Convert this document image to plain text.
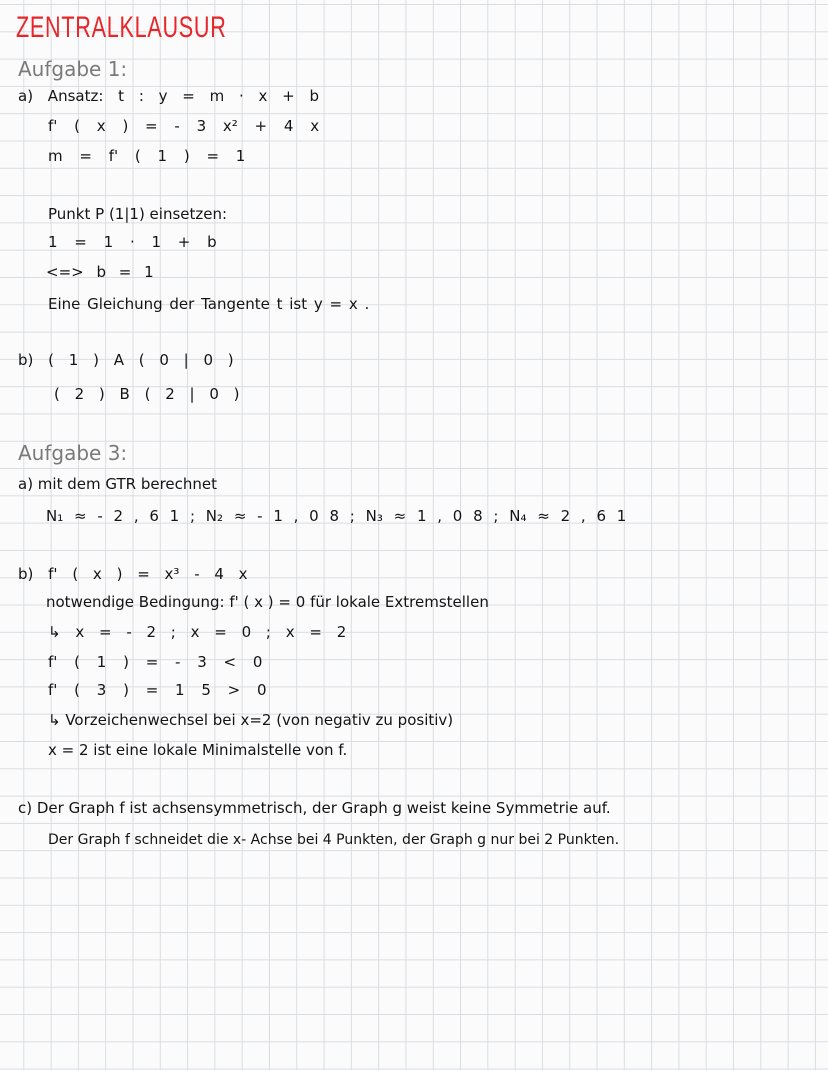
ZENTRALKLAUSUR
Aufgabe 1:
a) Ansatz: t : y = m · x + b
f' ( x ) = - 3 x² + 4 x
m = f' ( 1 ) = 1
Punkt P (1|1) einsetzen:
1 = 1 · 1 + b
<=> b = 1
Eine Gleichung der Tangente t ist y = x .
b) ( 1 ) A ( 0 | 0 )
( 2 ) B ( 2 | 0 )
Aufgabe 3:
a) mit dem GTR berechnet
N₁ ≈ - 2 , 6 1 ; N₂ ≈ - 1 , 0 8 ; N₃ ≈ 1 , 0 8 ; N₄ ≈ 2 , 6 1
b) f' ( x ) = x³ - 4 x
notwendige Bedingung: f' ( x ) = 0 für lokale Extremstellen
↳ x = - 2 ; x = 0 ; x = 2
f' ( 1 ) = - 3 < 0
f' ( 3 ) = 1 5 > 0
↳ Vorzeichenwechsel bei x=2 (von negativ zu positiv)
x = 2 ist eine lokale Minimalstelle von f.
c) Der Graph f ist achsensymmetrisch, der Graph g weist keine Symmetrie auf.
Der Graph f schneidet die x- Achse bei 4 Punkten, der Graph g nur bei 2 Punkten.
